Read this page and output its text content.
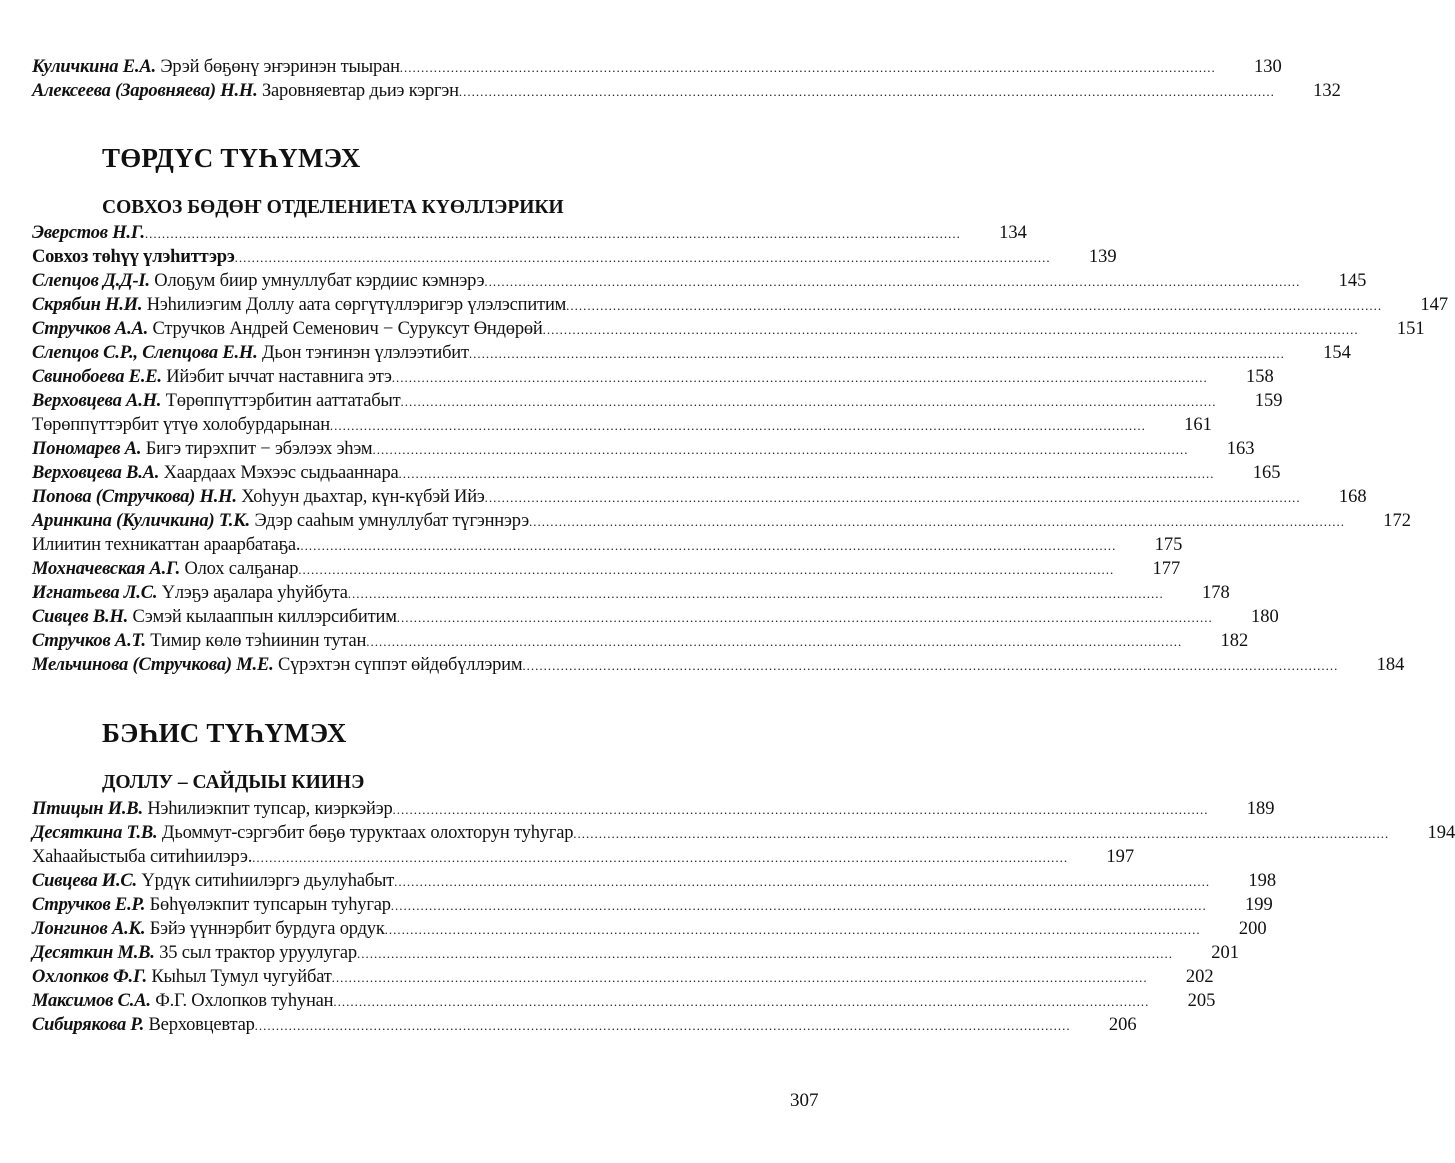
ТӨРДҮС ТҮҺҮМЭХ
СОВХОЗ БӨДӨҤ ОТДЕЛЕНИЕТА КҮӨЛЛЭРИКИ
БЭҺИС ТҮҺҮМЭХ
ДОЛЛУ – САЙДЫЫ КИИНЭ
Куличкина Е.А. Эрэй бөҕөнү эҥэринэн тыыран .....	130
Алексеева (Заровняева) Н.Н. Заровняевтар дьиэ кэргэн .....	132
Эверстов Н.Г. .....	134
Совхоз төһүү үлэһиттэрэ .....	139
Слепцов Д.Д-І. Олоҕум биир умнуллубат кэрдиис кэмнэрэ .....	145
Скрябин Н.И. Нэһилиэгим Доллу аата сөргүтүллэригэр үлэлэспитим .....	147
Стручков А.А. Стручков Андрей Семенович − Суруксут Өндөрөй .....	151
Слепцов С.Р., Слепцова Е.Н. Дьон тэҥинэн үлэлээтибит .....	154
Свинобоева Е.Е. Ийэбит ыччат наставнига этэ .....	158
Верховцева А.Н. Төрөппүттэрбитин ааттатабыт .....	159
Төрөппүттэрбит үтүө холобурдарынан .....	161
Пономарев А. Бигэ тирэхпит − эбэлээх эһэм .....	163
Верховцева В.А. Хаардаах Мэхээс сыдьааннара .....	165
Попова (Стручкова) Н.Н. Хоһуун дьахтар, күн-күбэй Ийэ .....	168
Аринкина (Куличкина) Т.К. Эдэр сааһым умнуллубат түгэннэрэ .....	172
Илиитин техникаттан араарбатаҕа. .....	175
Мохначевская А.Г. Олох салҕанар .....	177
Игнатьева Л.С. Үлэҕэ аҕалара уһуйбута .....	178
Сивцев В.Н. Сэмэй кылааппын киллэрсибитим .....	180
Стручков А.Т. Тимир көлө тэһиинин тутан .....	182
Мельчинова (Стручкова) М.Е. Сүрэхтэн сүппэт өйдөбүллэрим .....	184
Птицын И.В. Нэһилиэкпит тупсар, киэркэйэр .....	189
Десяткина Т.В. Дьоммут-сэргэбит бөҕө туруктаах олохторун туһугар .....	194
Хаһаайыстыба ситиһиилэрэ. .....	197
Сивцева И.С. Үрдүк ситиһиилэргэ дьулуһабыт .....	198
Стручков Е.Р. Бөһүөлэкпит тупсарын туһугар .....	199
Лонгинов А.К. Бэйэ үүннэрбит бурдуга ордук .....	200
Десяткин М.В. 35 сыл трактор уруулугар .....	201
Охлопков Ф.Г. Кыһыл Тумул чугуйбат .....	202
Максимов С.А. Ф.Г. Охлопков туһунан .....	205
Сибирякова Р. Верховцевтар .....	206
307
